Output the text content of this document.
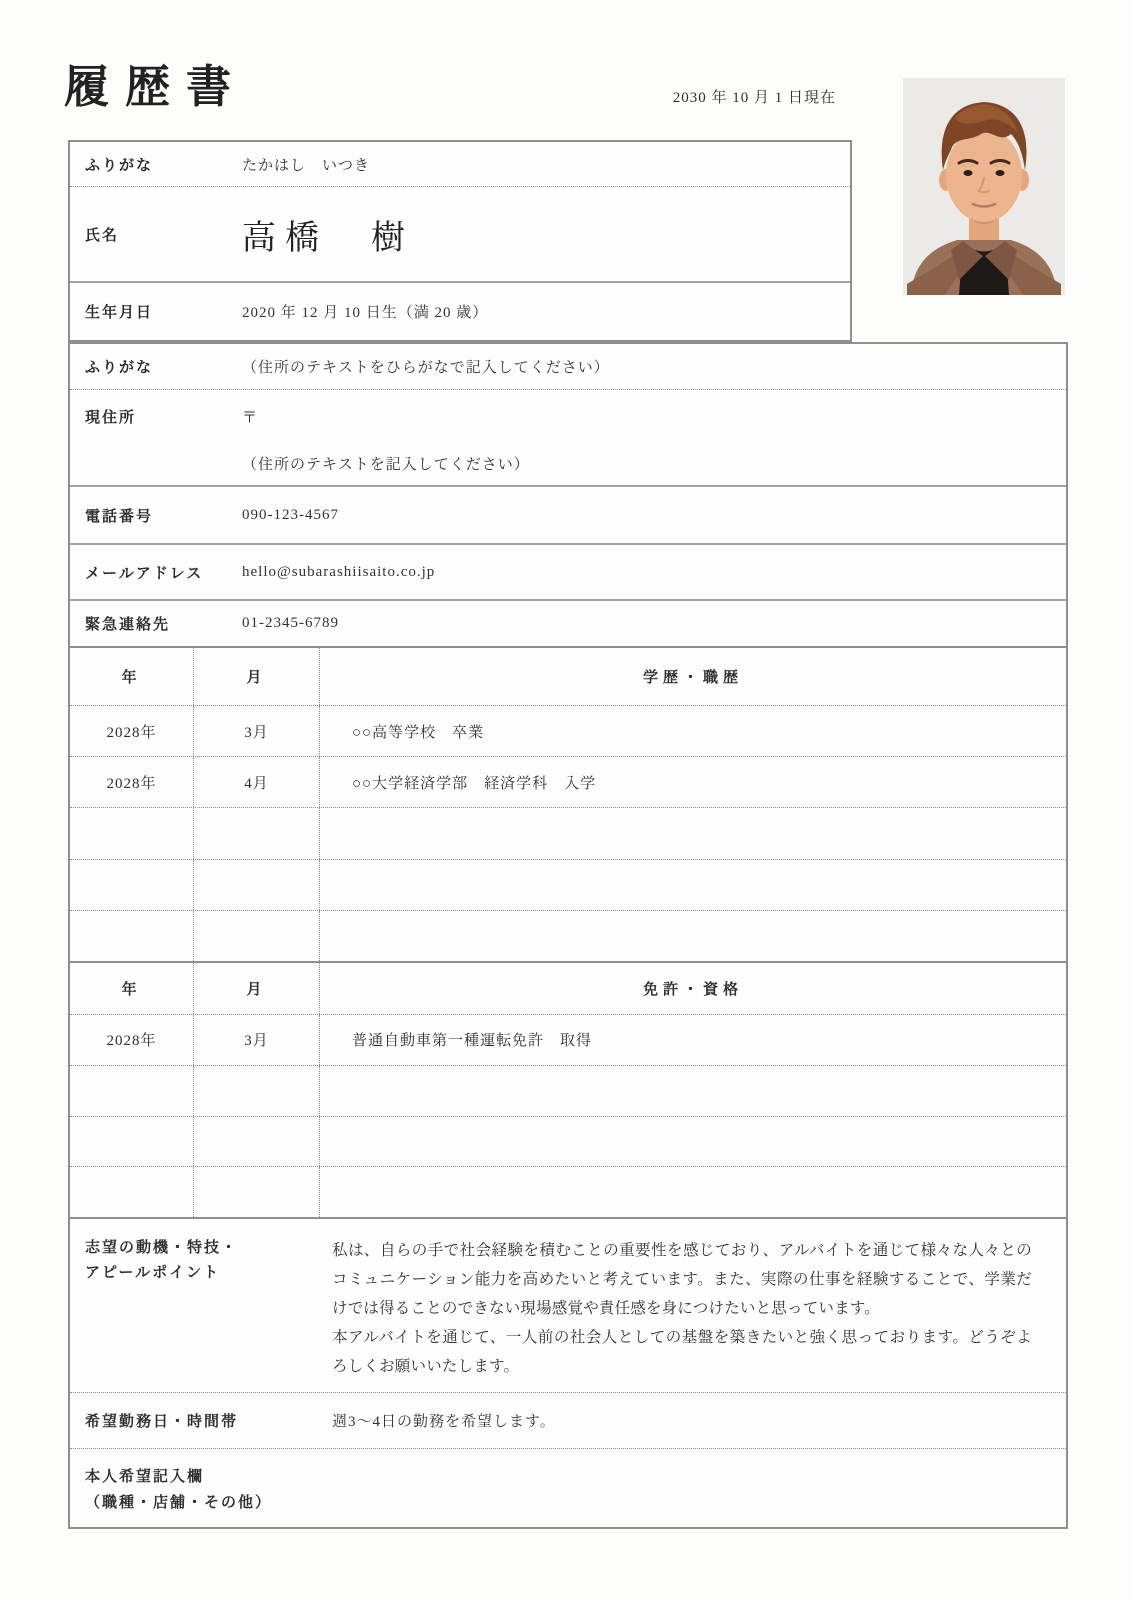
履歴書	2030 年 10 月 1 日現在
ふりがな	たかはし　いつき
氏名	高橋　樹
生年月日	2020 年 12 月 10 日生（満 20 歳）
ふりがな	（住所のテキストをひらがなで記入してください）
現住所	〒
（住所のテキストを記入してください）
電話番号	090-123-4567
メールアドレス	hello@subarashiisaito.co.jp
緊急連絡先	01-2345-6789
年	月	学歴・職歴
2028年	3月	○○高等学校　卒業
2028年	4月	○○大学経済学部　経済学科　入学
年	月	免許・資格
2028年	3月	普通自動車第一種運転免許　取得
志望の動機・特技・アピールポイント

私は、自らの手で社会経験を積むことの重要性を感じており、アルバイトを通じて様々な人々とのコミュニケーション能力を高めたいと考えています。また、実際の仕事を経験することで、学業だけでは得ることのできない現場感覚や責任感を身につけたいと思っています。

本アルバイトを通じて、一人前の社会人としての基盤を築きたいと強く思っております。どうぞよろしくお願いいたします。

希望勤務日・時間帯	週3〜4日の勤務を希望します。
本人希望記入欄
（職種・店舗・その他）
